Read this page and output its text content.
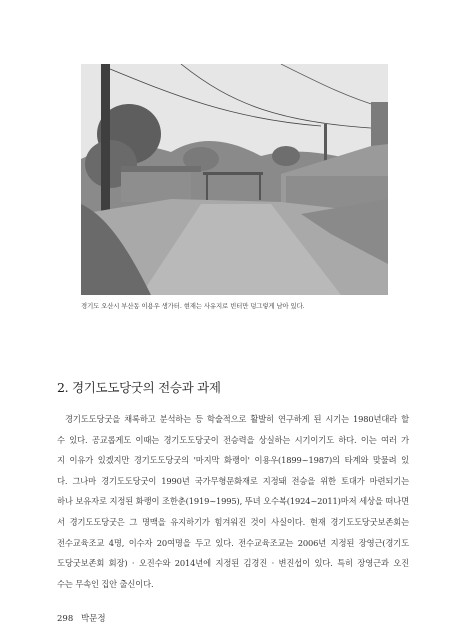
경기도 오산시 부산동 이용우 생가터. 현재는 사유지로 빈터만 덩그렇게 남아 있다.
2. 경기도도당굿의 전승과 과제

경기도도당굿을 채록하고 분석하는 등 학술적으로 활발히 연구하게 된 시기는 1980년대라 할

수 있다. 공교롭게도 이때는 경기도도당굿이 전승력을 상실하는 시기이기도 하다. 이는 여러 가

지 이유가 있겠지만 경기도도당굿의 '마지막 화랭이' 이용우(1899~1987)의 타계와 맞물려 있

다. 그나마 경기도도당굿이 1990년 국가무형문화재로 지정돼 전승을 위한 토대가 마련되기는

하나 보유자로 지정된 화랭이 조한춘(1919~1995), 뚜녀 오수복(1924~2011)마저 세상을 떠나면

서 경기도도당굿은 그 명맥을 유지하기가 힘겨워진 것이 사실이다. 현재 경기도도당굿보존회는

전수교육조교 4명, 이수자 20여명을 두고 있다. 전수교육조교는 2006년 지정된 장영근(경기도

도당굿보존회 회장) · 오진수와 2014년에 지정된 김경진 · 변진섭이 있다. 특히 장영근과 오진

수는 무속인 집안 출신이다.

298 박문정
